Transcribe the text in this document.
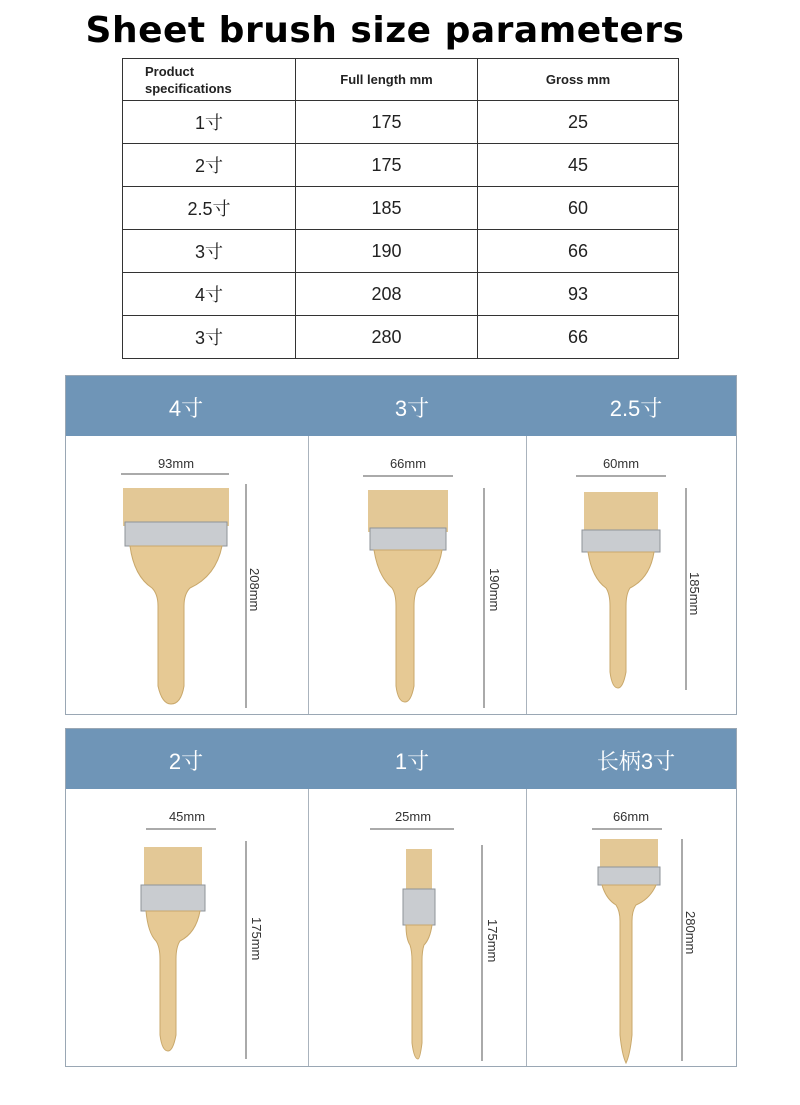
Sheet brush size parameters
Product
specifications	Full length mm	Gross mm
1寸	175	25
2寸	175	45
2.5寸	185	60
3寸	190	66
4寸	208	93
3寸	280	66
4寸	3寸	2.5寸
93mm
208mm
66mm
190mm
60mm
185mm
2寸	1寸	长柄3寸
45mm
175mm
25mm
175mm
66mm
280mm
